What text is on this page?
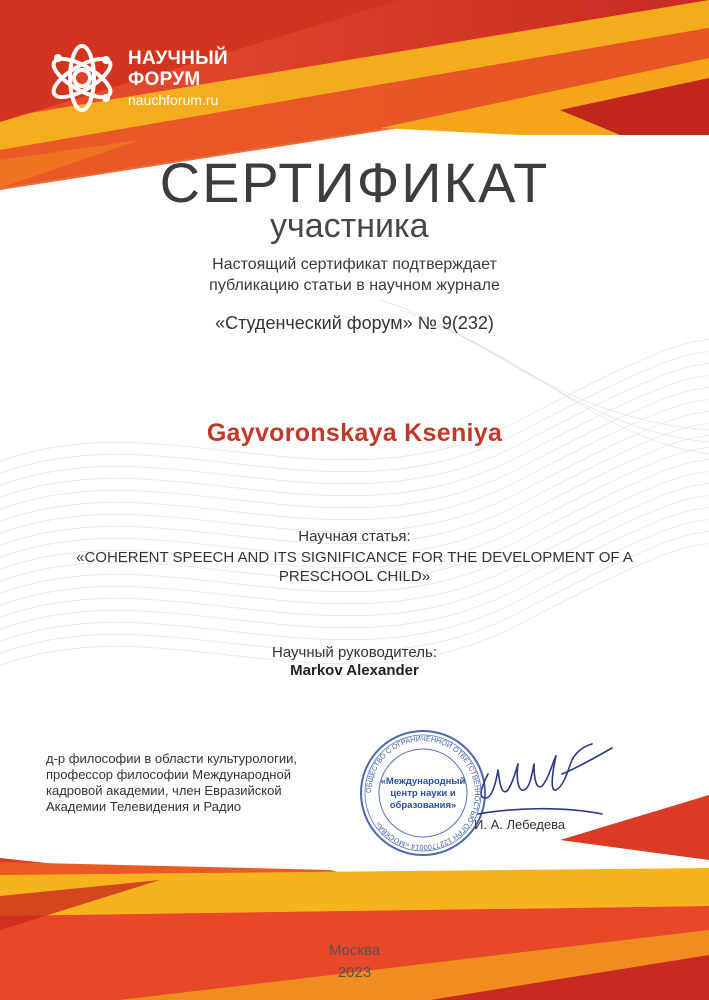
НАУЧНЫЙ
ФОРУМ
nauchforum.ru
СЕРТИФИКАТ
участника
Настоящий сертификат подтверждает
публикацию статьи в научном журнале
«Студенческий форум» № 9(232)
Gayvoronskaya Kseniya
Научная статья:
«COHERENT SPEECH AND ITS SIGNIFICANCE FOR THE DEVELOPMENT OF A
PRESCHOOL CHILD»
Научный руководитель:
Markov Alexander
д-р философии в области культурологии,
профессор философии Международной
кадровой академии, член Евразийской
Академии Телевидения и Радио
ОБЩЕСТВО С ОГРАНИЧЕННОЙ ОТВЕТСТВЕННОСТЬЮ ОГРН 1227700014 «МОСКВА»
«Международный
центр науки и
образования»
И. А. Лебедева
Москва
2023
